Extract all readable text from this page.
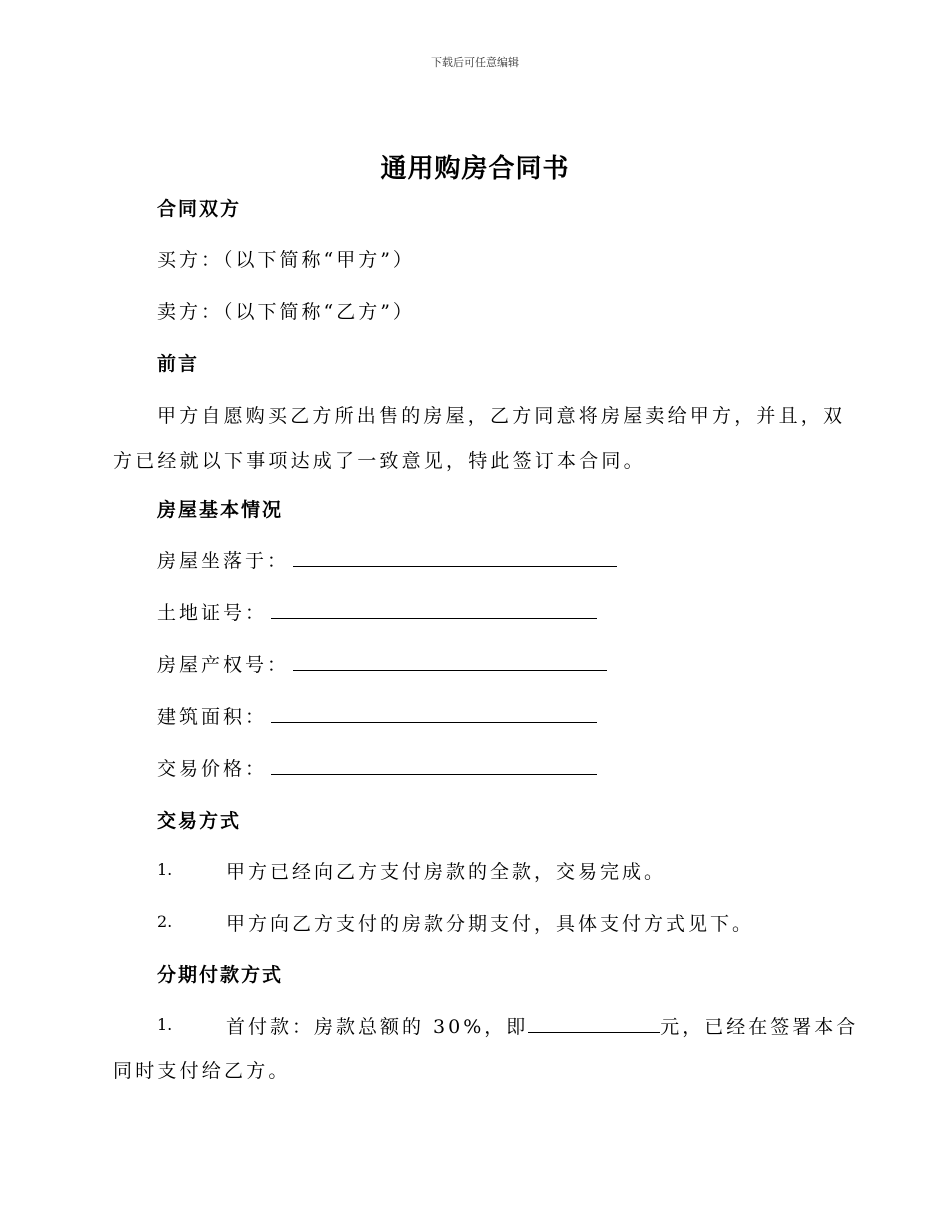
下载后可任意编辑
通用购房合同书
合同双方
买方：（以下简称“甲方”）
卖方：（以下简称“乙方”）
前言
甲方自愿购买乙方所出售的房屋，乙方同意将房屋卖给甲方，并且，双
方已经就以下事项达成了一致意见，特此签订本合同。
房屋基本情况
房屋坐落于：
土地证号：
房屋产权号：
建筑面积：
交易价格：
交易方式
1.	甲方已经向乙方支付房款的全款，交易完成。
2.	甲方向乙方支付的房款分期支付，具体支付方式见下。
分期付款方式
1.	首付款：房款总额的 30%，即	元，已经在签署本合
同时支付给乙方。
